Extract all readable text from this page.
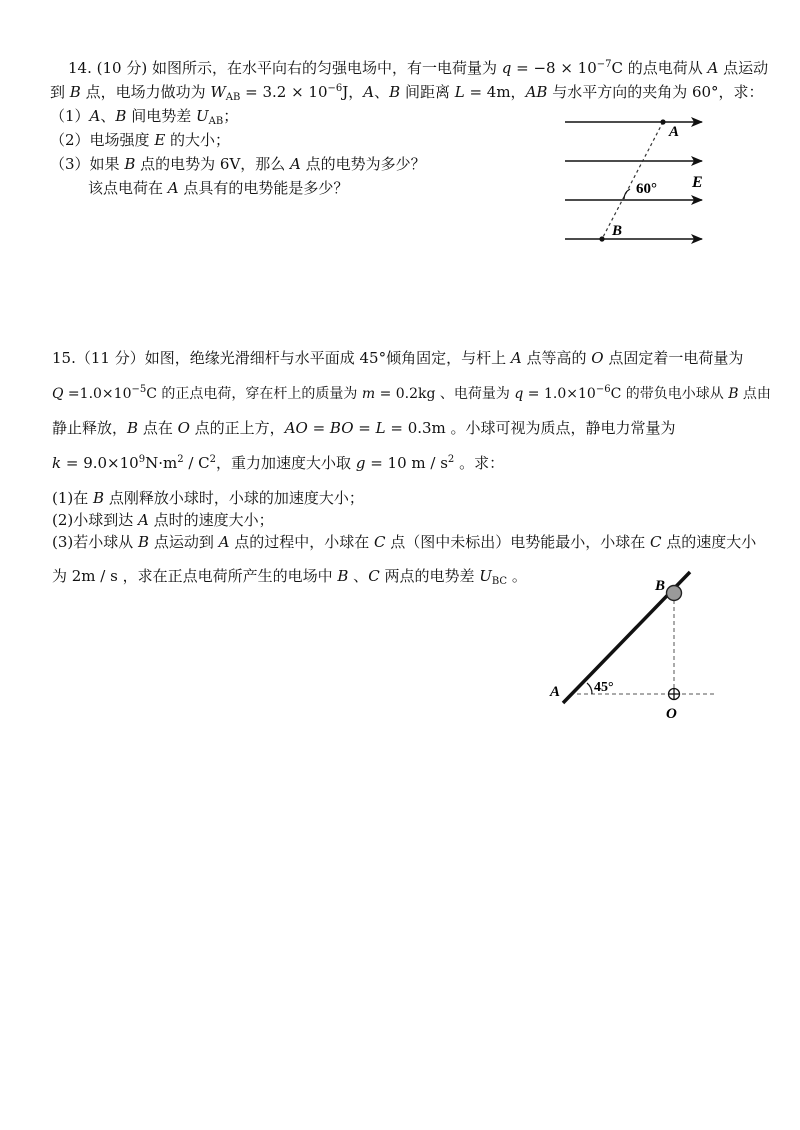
14. (10 分) 如图所示，在水平向右的匀强电场中，有一电荷量为 $q = -8 \times 10^{-7}C$ 的点电荷从 A 点运动
到 B 点，电场力做功为 $W_{AB} = 3.2 \times 10^{-6}J$，A、B 间距离 L = 4m，AB 与水平方向的夹角为 60°，求：
（1）A、B 间电势差 $U_{AB}$；
（2）电场强度 E 的大小；
（3）如果 B 点的电势为 6V，那么 A 点的电势为多少？
该点电荷在 A 点具有的电势能是多少？
A
B
E
60°
15.（11 分）如图，绝缘光滑细杆与水平面成 45°倾角固定，与杆上 A 点等高的 O 点固定着一电荷量为
$Q =1.0\times 10^{-5}C$ 的正点电荷，穿在杆上的质量为 m = 0.2kg 、电荷量为 $q = 1.0\times 10^{-6}C$ 的带负电小球从 B 点由
静止释放，B 点在 O 点的正上方，AO = BO = L = 0.3m 。小球可视为质点，静电力常量为
$k = 9.0\times 10^9N\cdot m^2 / C^2$，重力加速度大小取 g = 10 m / $s^2$ 。求：
(1)在 B 点刚释放小球时，小球的加速度大小；
(2)小球到达 A 点时的速度大小；
(3)若小球从 B 点运动到 A 点的过程中，小球在 C 点（图中未标出）电势能最小，小球在 C 点的速度大小
为 2m / s ，求在正点电荷所产生的电场中 B 、C 两点的电势差 $U_{BC}$ 。
A
B
O
45°
